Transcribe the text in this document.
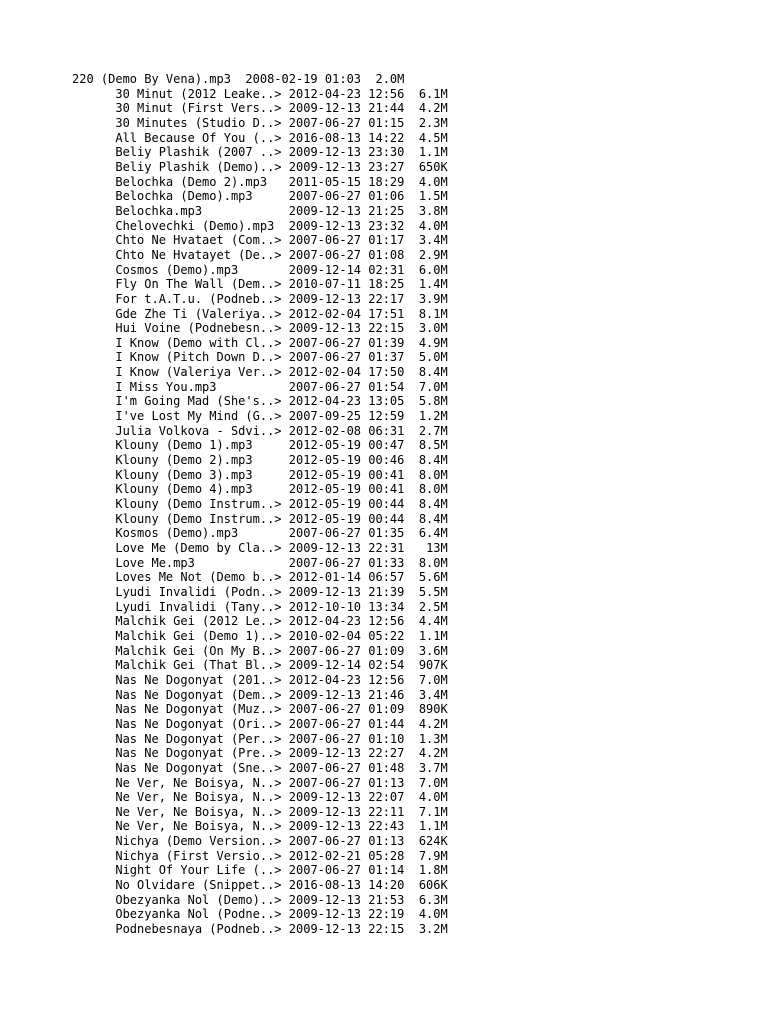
220 (Demo By Vena).mp3 2008-02-19 01:03 2.0M
30 Minut (2012 Leake..> 2012-04-23 12:56 6.1M
30 Minut (First Vers..> 2009-12-13 21:44 4.2M
30 Minutes (Studio D..> 2007-06-27 01:15 2.3M
All Because Of You (..> 2016-08-13 14:22 4.5M
Beliy Plashik (2007 ..> 2009-12-13 23:30 1.1M
Beliy Plashik (Demo)..> 2009-12-13 23:27 650K
Belochka (Demo 2).mp3 2011-05-15 18:29 4.0M
Belochka (Demo).mp3	2007-06-27 01:06 1.5M
Belochka.mp3	2009-12-13 21:25 3.8M
Chelovechki (Demo).mp3 2009-12-13 23:32 4.0M
Chto Ne Hvataet (Com..> 2007-06-27 01:17 3.4M
Chto Ne Hvatayet (De..> 2007-06-27 01:08 2.9M
Cosmos (Demo).mp3	2009-12-14 02:31 6.0M
Fly On The Wall (Dem..> 2010-07-11 18:25 1.4M
For t.A.T.u. (Podneb..> 2009-12-13 22:17 3.9M
Gde Zhe Ti (Valeriya..> 2012-02-04 17:51 8.1M
Hui Voine (Podnebesn..> 2009-12-13 22:15 3.0M
I Know (Demo with Cl..> 2007-06-27 01:39 4.9M
I Know (Pitch Down D..> 2007-06-27 01:37 5.0M
I Know (Valeriya Ver..> 2012-02-04 17:50 8.4M
I Miss You.mp3	2007-06-27 01:54 7.0M
I'm Going Mad (She's..> 2012-04-23 13:05 5.8M
I've Lost My Mind (G..> 2007-09-25 12:59 1.2M
Julia Volkova - Sdvi..> 2012-02-08 06:31 2.7M
Klouny (Demo 1).mp3	2012-05-19 00:47 8.5M
Klouny (Demo 2).mp3	2012-05-19 00:46 8.4M
Klouny (Demo 3).mp3	2012-05-19 00:41 8.0M
Klouny (Demo 4).mp3	2012-05-19 00:41 8.0M
Klouny (Demo Instrum..> 2012-05-19 00:44 8.4M
Klouny (Demo Instrum..> 2012-05-19 00:44 8.4M
Kosmos (Demo).mp3	2007-06-27 01:35 6.4M
Love Me (Demo by Cla..> 2009-12-13 22:31 13M
Love Me.mp3	2007-06-27 01:33 8.0M
Loves Me Not (Demo b..> 2012-01-14 06:57 5.6M
Lyudi Invalidi (Podn..> 2009-12-13 21:39 5.5M
Lyudi Invalidi (Tany..> 2012-10-10 13:34 2.5M
Malchik Gei (2012 Le..> 2012-04-23 12:56 4.4M
Malchik Gei (Demo 1)..> 2010-02-04 05:22 1.1M
Malchik Gei (On My B..> 2007-06-27 01:09 3.6M
Malchik Gei (That Bl..> 2009-12-14 02:54 907K
Nas Ne Dogonyat (201..> 2012-04-23 12:56 7.0M
Nas Ne Dogonyat (Dem..> 2009-12-13 21:46 3.4M
Nas Ne Dogonyat (Muz..> 2007-06-27 01:09 890K
Nas Ne Dogonyat (Ori..> 2007-06-27 01:44 4.2M
Nas Ne Dogonyat (Per..> 2007-06-27 01:10 1.3M
Nas Ne Dogonyat (Pre..> 2009-12-13 22:27 4.2M
Nas Ne Dogonyat (Sne..> 2007-06-27 01:48 3.7M
Ne Ver, Ne Boisya, N..> 2007-06-27 01:13 7.0M
Ne Ver, Ne Boisya, N..> 2009-12-13 22:07 4.0M
Ne Ver, Ne Boisya, N..> 2009-12-13 22:11 7.1M
Ne Ver, Ne Boisya, N..> 2009-12-13 22:43 1.1M
Nichya (Demo Version..> 2007-06-27 01:13 624K
Nichya (First Versio..> 2012-02-21 05:28 7.9M
Night Of Your Life (..> 2007-06-27 01:14 1.8M
No Olvidare (Snippet..> 2016-08-13 14:20 606K
Obezyanka Nol (Demo)..> 2009-12-13 21:53 6.3M
Obezyanka Nol (Podne..> 2009-12-13 22:19 4.0M
Podnebesnaya (Podneb..> 2009-12-13 22:15 3.2M
